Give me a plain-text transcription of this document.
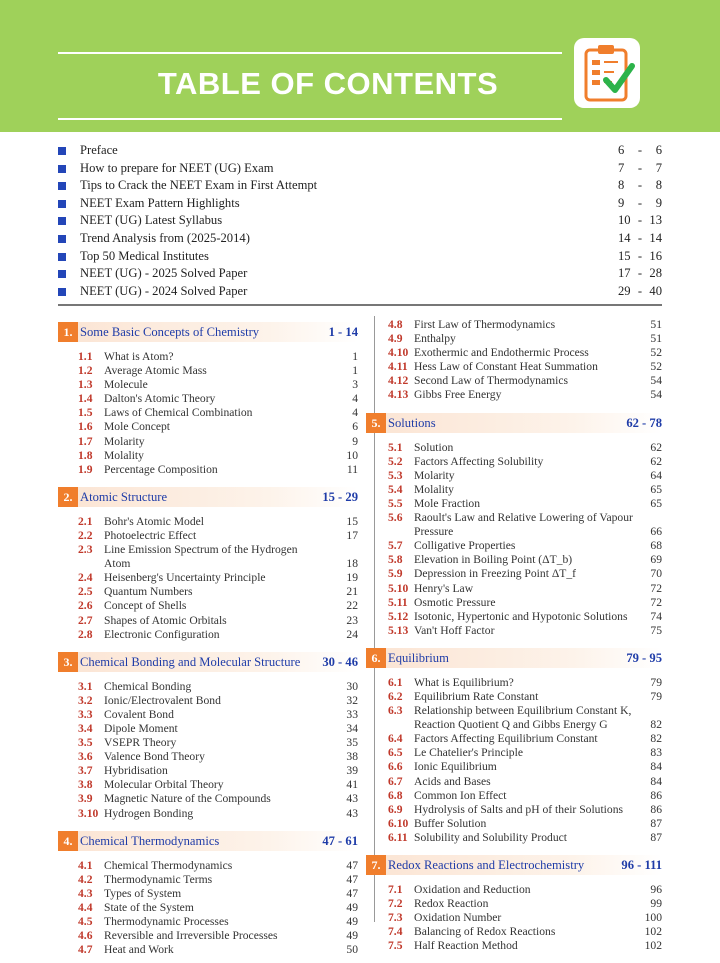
TABLE OF CONTENTS
Preface	6 - 6
How to prepare for NEET (UG) Exam	7 - 7
Tips to Crack the NEET Exam in First Attempt	8 - 8
NEET Exam Pattern Highlights	9 - 9
NEET (UG) Latest Syllabus	10 - 13
Trend Analysis from (2025-2014)	14 - 14
Top 50 Medical Institutes	15 - 16
NEET (UG) - 2025 Solved Paper	17 - 28
NEET (UG) - 2024 Solved Paper	29 - 40
1. Some Basic Concepts of Chemistry	1 - 14
1.1 What is Atom?	1
1.2 Average Atomic Mass	1
1.3 Molecule	3
1.4 Dalton's Atomic Theory	4
1.5 Laws of Chemical Combination	4
1.6 Mole Concept	6
1.7 Molarity	9
1.8 Molality	10
1.9 Percentage Composition	11
2. Atomic Structure	15 - 29
2.1 Bohr's Atomic Model	15
2.2 Photoelectric Effect	17
2.3 Line Emission Spectrum of the Hydrogen Atom	18
2.4 Heisenberg's Uncertainty Principle	19
2.5 Quantum Numbers	21
2.6 Concept of Shells	22
2.7 Shapes of Atomic Orbitals	23
2.8 Electronic Configuration	24
3. Chemical Bonding and Molecular Structure 30 - 46
3.1 Chemical Bonding	30
3.2 Ionic/Electrovalent Bond	32
3.3 Covalent Bond	33
3.4 Dipole Moment	34
3.5 VSEPR Theory	35
3.6 Valence Bond Theory	38
3.7 Hybridisation	39
3.8 Molecular Orbital Theory	41
3.9 Magnetic Nature of the Compounds	43
3.10 Hydrogen Bonding	43
4. Chemical Thermodynamics	47 - 61
4.1 Chemical Thermodynamics	47
4.2 Thermodynamic Terms	47
4.3 Types of System	47
4.4 State of the System	49
4.5 Thermodynamic Processes	49
4.6 Reversible and Irreversible Processes	49
4.7 Heat and Work	50
4.8 First Law of Thermodynamics	51
4.9 Enthalpy	51
4.10 Exothermic and Endothermic Process	52
4.11 Hess Law of Constant Heat Summation	52
4.12 Second Law of Thermodynamics	54
4.13 Gibbs Free Energy	54
5. Solutions	62 - 78
5.1 Solution	62
5.2 Factors Affecting Solubility	62
5.3 Molarity	64
5.4 Molality	65
5.5 Mole Fraction	65
5.6 Raoult's Law and Relative Lowering of Vapour Pressure	66
5.7 Colligative Properties	68
5.8 Elevation in Boiling Point (ΔT_b)	69
5.9 Depression in Freezing Point ΔT_f	70
5.10 Henry's Law	72
5.11 Osmotic Pressure	72
5.12 Isotonic, Hypertonic and Hypotonic Solutions	74
5.13 Van't Hoff Factor	75
6. Equilibrium	79 - 95
6.1 What is Equilibrium?	79
6.2 Equilibrium Rate Constant	79
6.3 Relationship between Equilibrium Constant K, Reaction Quotient Q and Gibbs Energy G	82
6.4 Factors Affecting Equilibrium Constant	82
6.5 Le Chatelier's Principle	83
6.6 Ionic Equilibrium	84
6.7 Acids and Bases	84
6.8 Common Ion Effect	86
6.9 Hydrolysis of Salts and pH of their Solutions	86
6.10 Buffer Solution	87
6.11 Solubility and Solubility Product	87
7. Redox Reactions and Electrochemistry	96 - 111
7.1 Oxidation and Reduction	96
7.2 Redox Reaction	99
7.3 Oxidation Number	100
7.4 Balancing of Redox Reactions	102
7.5 Half Reaction Method	102
